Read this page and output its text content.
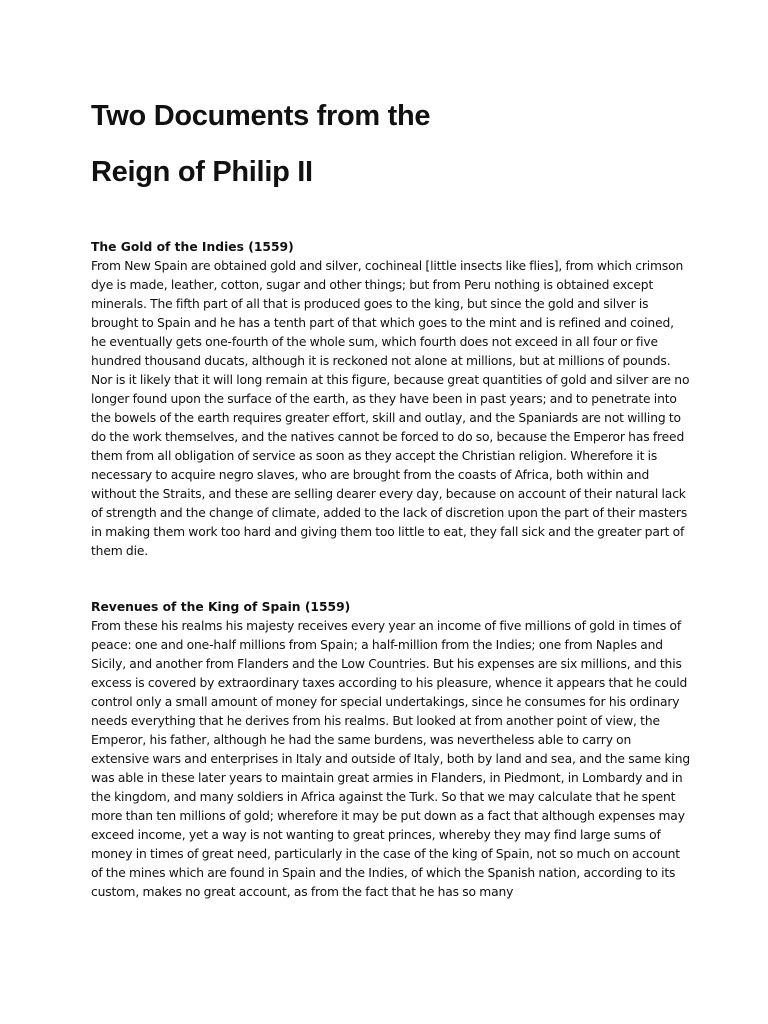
Two Documents from the
Reign of Philip II
The Gold of the Indies (1559)

From New Spain are obtained gold and silver, cochineal [little insects like flies], from which crimson dye is made, leather, cotton, sugar and other things; but from Peru nothing is obtained except minerals. The fifth part of all that is produced goes to the king, but since the gold and silver is brought to Spain and he has a tenth part of that which goes to the mint and is refined and coined, he eventually gets one-fourth of the whole sum, which fourth does not exceed in all four or five hundred thousand ducats, although it is reckoned not alone at millions, but at millions of pounds. Nor is it likely that it will long remain at this figure, because great quantities of gold and silver are no longer found upon the surface of the earth, as they have been in past years; and to penetrate into the bowels of the earth requires greater effort, skill and outlay, and the Spaniards are not willing to do the work themselves, and the natives cannot be forced to do so, because the Emperor has freed them from all obligation of service as soon as they accept the Christian religion. Wherefore it is necessary to acquire negro slaves, who are brought from the coasts of Africa, both within and without the Straits, and these are selling dearer every day, because on account of their natural lack of strength and the change of climate, added to the lack of discretion upon the part of their masters in making them work too hard and giving them too little to eat, they fall sick and the greater part of them die.

Revenues of the King of Spain (1559)

From these his realms his majesty receives every year an income of five millions of gold in times of peace: one and one-half millions from Spain; a half-million from the Indies; one from Naples and Sicily, and another from Flanders and the Low Countries. But his expenses are six millions, and this excess is covered by extraordinary taxes according to his pleasure, whence it appears that he could control only a small amount of money for special undertakings, since he consumes for his ordinary needs everything that he derives from his realms. But looked at from another point of view, the Emperor, his father, although he had the same burdens, was nevertheless able to carry on extensive wars and enterprises in Italy and outside of Italy, both by land and sea, and the same king was able in these later years to maintain great armies in Flanders, in Piedmont, in Lombardy and in the kingdom, and many soldiers in Africa against the Turk. So that we may calculate that he spent more than ten millions of gold; wherefore it may be put down as a fact that although expenses may exceed income, yet a way is not wanting to great princes, whereby they may find large sums of money in times of great need, particularly in the case of the king of Spain, not so much on account of the mines which are found in Spain and the Indies, of which the Spanish nation, according to its custom, makes no great account, as from the fact that he has so many
